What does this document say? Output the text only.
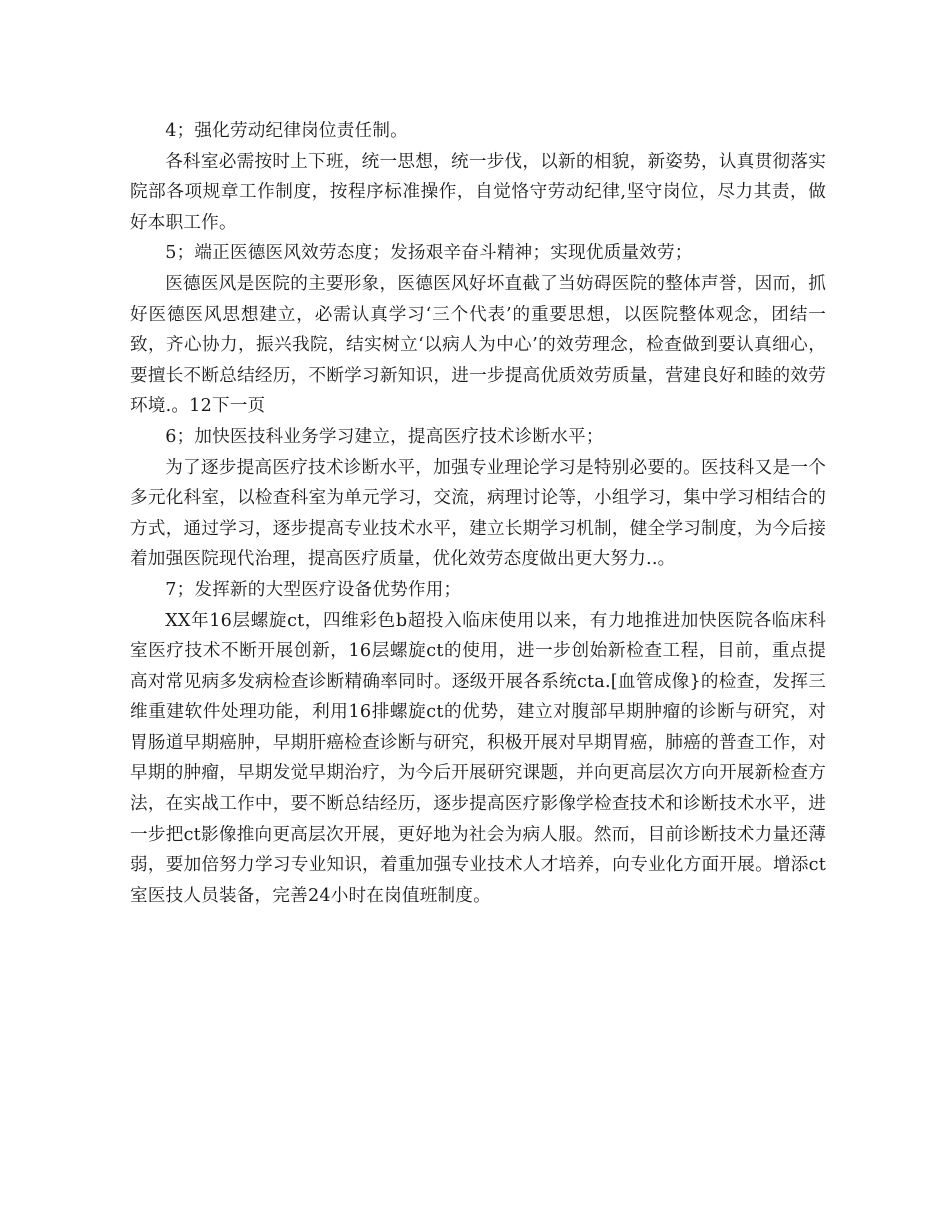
4；强化劳动纪律岗位责任制。

各科室必需按时上下班，统一思想，统一步伐，以新的相貌，新姿势，认真贯彻落实院部各项规章工作制度，按程序标准操作，自觉恪守劳动纪律,坚守岗位，尽力其责，做好本职工作。

5；端正医德医风效劳态度；发扬艰辛奋斗精神；实现优质量效劳；

医德医风是医院的主要形象，医德医风好坏直截了当妨碍医院的整体声誉，因而，抓好医德医风思想建立，必需认真学习‘三个代表’的重要思想，以医院整体观念，团结一致，齐心协力，振兴我院，结实树立‘以病人为中心’的效劳理念，检查做到要认真细心，要擅长不断总结经历，不断学习新知识，进一步提高优质效劳质量，营建良好和睦的效劳环境.。12下一页

6；加快医技科业务学习建立，提高医疗技术诊断水平；

为了逐步提高医疗技术诊断水平，加强专业理论学习是特别必要的。医技科又是一个多元化科室，以检查科室为单元学习，交流，病理讨论等，小组学习，集中学习相结合的方式，通过学习，逐步提高专业技术水平，建立长期学习机制，健全学习制度，为今后接着加强医院现代治理，提高医疗质量，优化效劳态度做出更大努力..。

7；发挥新的大型医疗设备优势作用；

XX年16层螺旋ct，四维彩色b超投入临床使用以来，有力地推进加快医院各临床科室医疗技术不断开展创新，16层螺旋ct的使用，进一步创始新检查工程，目前，重点提高对常见病多发病检查诊断精确率同时。逐级开展各系统cta.[血管成像}的检查，发挥三维重建软件处理功能，利用16排螺旋ct的优势，建立对腹部早期肿瘤的诊断与研究，对胃肠道早期癌肿，早期肝癌检查诊断与研究，积极开展对早期胃癌，肺癌的普查工作，对早期的肿瘤，早期发觉早期治疗，为今后开展研究课题，并向更高层次方向开展新检查方法，在实战工作中，要不断总结经历，逐步提高医疗影像学检查技术和诊断技术水平，进一步把ct影像推向更高层次开展，更好地为社会为病人服。然而，目前诊断技术力量还薄弱，要加倍努力学习专业知识，着重加强专业技术人才培养，向专业化方面开展。增添ct室医技人员装备，完善24小时在岗值班制度。
